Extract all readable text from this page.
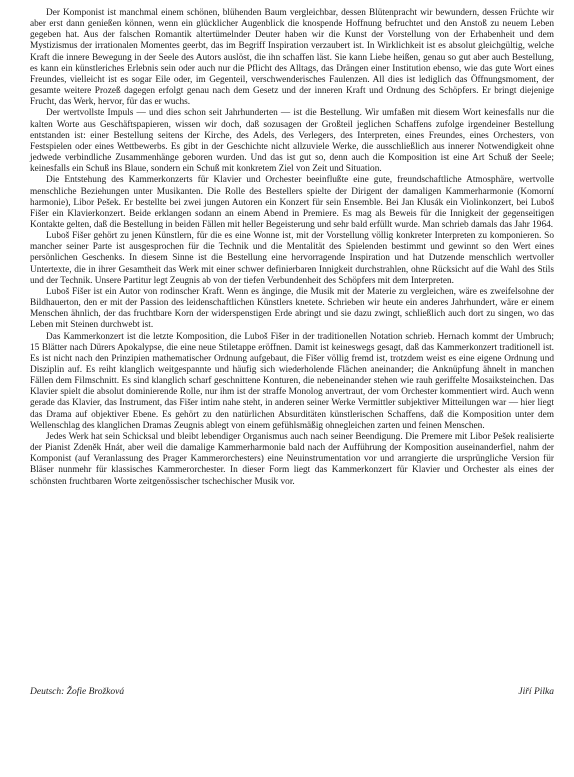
Der Komponist ist manchmal einem schönen, blühenden Baum vergleichbar, dessen Blütenpracht wir bewundern, dessen Früchte wir aber erst dann genießen können, wenn ein glücklicher Augenblick die knospende Hoffnung befruchtet und den Anstoß zu neuem Leben gegeben hat. Aus der falschen Romantik altertümelnder Deuter haben wir die Kunst der Vorstellung von der Erhabenheit und dem Mystizismus der irrationalen Momentes geerbt, das im Begriff Inspiration verzaubert ist. In Wirklichkeit ist es absolut gleichgültig, welche Kraft die innere Bewegung in der Seele des Autors auslöst, die ihn schaffen läst. Sie kann Liebe heißen, genau so gut aber auch Bestellung, es kann ein künstleriches Erlebnis sein oder auch nur die Pflicht des Alltags, das Drängen einer Institution ebenso, wie das gute Wort eines Freundes, vielleicht ist es sogar Eile oder, im Gegenteil, verschwenderisches Faulenzen. All dies ist lediglich das Öffnungsmoment, der gesamte weitere Prozeß dagegen erfolgt genau nach dem Gesetz und der inneren Kraft und Ordnung des Schöpfers. Er bringt diejenige Frucht, das Werk, hervor, für das er wuchs.

Der wertvollste Impuls — und dies schon seit Jahrhunderten — ist die Bestellung. Wir umfaßen mit diesem Wort keinesfalls nur die kalten Worte aus Geschäftspapieren, wissen wir doch, daß sozusagen der Großteil jeglichen Schaffens zufolge irgendeiner Bestellung entstanden ist: einer Bestellung seitens der Kirche, des Adels, des Verlegers, des Interpreten, eines Freundes, eines Orchesters, von Festspielen oder eines Wettbewerbs. Es gibt in der Geschichte nicht allzuviele Werke, die ausschließlich aus innerer Notwendigkeit ohne jedwede verbindliche Zusammenhänge geboren wurden. Und das ist gut so, denn auch die Komposition ist eine Art Schuß der Seele; keinesfalls ein Schuß ins Blaue, sondern ein Schuß mit konkretem Ziel von Zeit und Situation.

Die Entstehung des Kammerkonzerts für Klavier und Orchester beeinflußte eine gute, freundschaftliche Atmosphäre, wertvolle menschliche Beziehungen unter Musikanten. Die Rolle des Bestellers spielte der Dirigent der damaligen Kammerharmonie (Komorní harmonie), Libor Pešek. Er bestellte bei zwei jungen Autoren ein Konzert für sein Ensemble. Bei Jan Klusák ein Violinkonzert, bei Luboš Fišer ein Klavierkonzert. Beide erklangen sodann an einem Abend in Premiere. Es mag als Beweis für die Innigkeit der gegenseitigen Kontakte gelten, daß die Bestellung in beiden Fällen mit heller Begeisterung und sehr bald erfüllt wurde. Man schrieb damals das Jahr 1964.

Luboš Fišer gehört zu jenen Künstlern, für die es eine Wonne ist, mit der Vorstellung völlig konkreter Interpreten zu komponieren. So mancher seiner Parte ist ausgesprochen für die Technik und die Mentalität des Spielenden bestimmt und gewinnt so den Wert eines persönlichen Geschenks. In diesem Sinne ist die Bestellung eine hervorragende Inspiration und hat Dutzende menschlich wertvoller Untertexte, die in ihrer Gesamtheit das Werk mit einer schwer definierbaren Innigkeit durchstrahlen, ohne Rücksicht auf die Wahl des Stils und der Technik. Unsere Partitur legt Zeugnis ab von der tiefen Verbundenheit des Schöpfers mit dem Interpreten.

Luboš Fišer ist ein Autor von rodinscher Kraft. Wenn es änginge, die Musik mit der Materie zu vergleichen, wäre es zweifelsohne der Bildhauerton, den er mit der Passion des leidenschaftlichen Künstlers knetete. Schrieben wir heute ein anderes Jahrhundert, wäre er einem Menschen ähnlich, der das fruchtbare Korn der widerspenstigen Erde abringt und sie dazu zwingt, schließlich auch dort zu singen, wo das Leben mit Steinen durchwebt ist.

Das Kammerkonzert ist die letzte Komposition, die Luboš Fišer in der traditionellen Notation schrieb. Hernach kommt der Umbruch; 15 Blätter nach Dürers Apokalypse, die eine neue Stiletappe eröffnen. Damit ist keineswegs gesagt, daß das Kammerkonzert traditionell ist. Es ist nicht nach den Prinzipien mathematischer Ordnung aufgebaut, die Fišer völlig fremd ist, trotzdem weist es eine eigene Ordnung und Disziplin auf. Es reiht klanglich weitgespannte und häufig sich wiederholende Flächen aneinander; die Anknüpfung ähnelt in manchen Fällen dem Filmschnitt. Es sind klanglich scharf geschnittene Konturen, die nebeneinander stehen wie rauh geriffelte Mosaiksteinchen. Das Klavier spielt die absolut dominierende Rolle, nur ihm ist der straffe Monolog anvertraut, der vom Orchester kommentiert wird. Auch wenn gerade das Klavier, das Instrument, das Fišer intim nahe steht, in anderen seiner Werke Vermittler subjektiver Mitteilungen war — hier liegt das Drama auf objektiver Ebene. Es gehört zu den natürlichen Absurditäten künstlerischen Schaffens, daß die Komposition unter dem Wellenschlag des klanglichen Dramas Zeugnis ablegt von einem gefühlsmäßig ohnegleichen zarten und feinen Menschen.

Jedes Werk hat sein Schicksal und bleibt lebendiger Organismus auch nach seiner Beendigung. Die Premere mit Libor Pešek realisierte der Pianist Zdeněk Hnát, aber weil die damalige Kammerharmonie bald nach der Aufführung der Komposition auseinanderfiel, nahm der Komponist (auf Veranlassung des Prager Kammerorchesters) eine Neuinstrumentation vor und arrangierte die ursprüngliche Version für Bläser nunmehr für klassisches Kammerorchester. In dieser Form liegt das Kammerkonzert für Klavier und Orchester als eines der schönsten fruchtbaren Worte zeitgenössischer tschechischer Musik vor.

Deutsch: Žofie Brožková	Jiří Pilka
